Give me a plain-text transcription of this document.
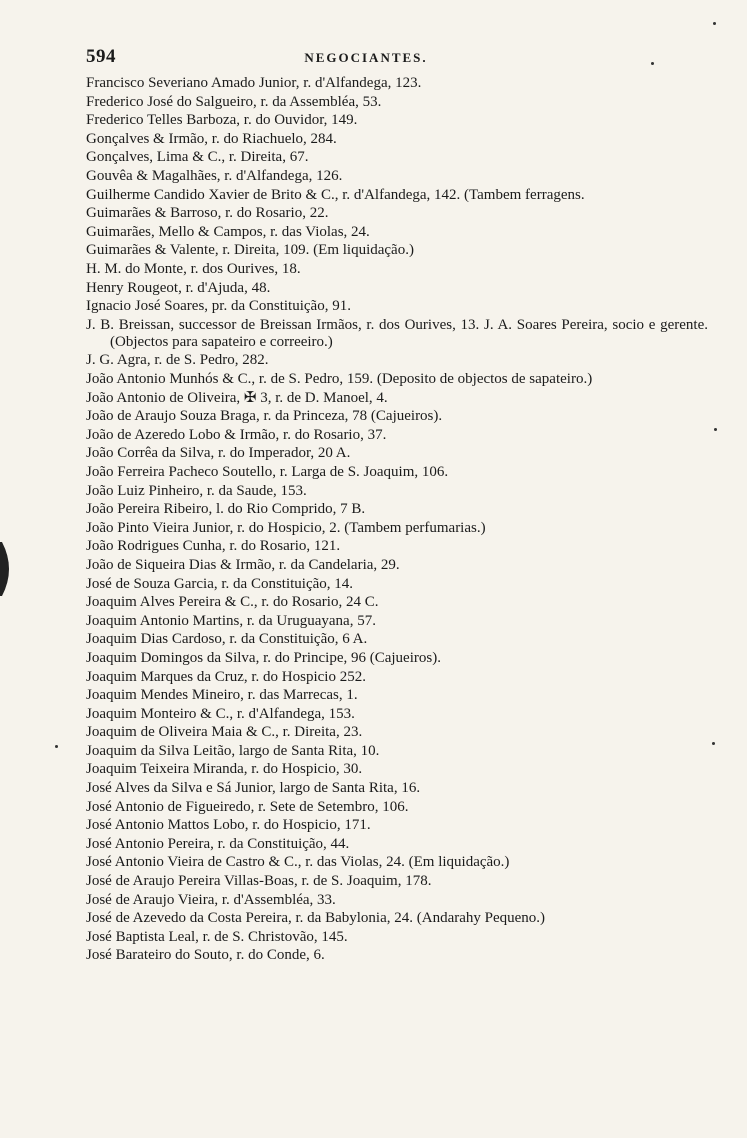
594	NEGOCIANTES.

Francisco Severiano Amado Junior, r. d'Alfandega, 123.

Frederico José do Salgueiro, r. da Assembléa, 53.

Frederico Telles Barboza, r. do Ouvidor, 149.

Gonçalves & Irmão, r. do Riachuelo, 284.

Gonçalves, Lima & C., r. Direita, 67.

Gouvêa & Magalhães, r. d'Alfandega, 126.

Guilherme Candido Xavier de Brito & C., r. d'Alfandega, 142. (Tambem ferragens.

Guimarães & Barroso, r. do Rosario, 22.

Guimarães, Mello & Campos, r. das Violas, 24.

Guimarães & Valente, r. Direita, 109. (Em liquidação.)

H. M. do Monte, r. dos Ourives, 18.

Henry Rougeot, r. d'Ajuda, 48.

Ignacio José Soares, pr. da Constituição, 91.

J. B. Breissan, successor de Breissan Irmãos, r. dos Ourives, 13. J. A. Soares Pereira, socio e gerente. (Objectos para sapateiro e correeiro.)

J. G. Agra, r. de S. Pedro, 282.

João Antonio Munhós & C., r. de S. Pedro, 159. (Deposito de objectos de sapateiro.)

João Antonio de Oliveira, ✠ 3, r. de D. Manoel, 4.

João de Araujo Souza Braga, r. da Princeza, 78 (Cajueiros).

João de Azeredo Lobo & Irmão, r. do Rosario, 37.

João Corrêa da Silva, r. do Imperador, 20 A.

João Ferreira Pacheco Soutello, r. Larga de S. Joaquim, 106.

João Luiz Pinheiro, r. da Saude, 153.

João Pereira Ribeiro, l. do Rio Comprido, 7 B.

João Pinto Vieira Junior, r. do Hospicio, 2. (Tambem perfumarias.)

João Rodrigues Cunha, r. do Rosario, 121.

João de Siqueira Dias & Irmão, r. da Candelaria, 29.

José de Souza Garcia, r. da Constituição, 14.

Joaquim Alves Pereira & C., r. do Rosario, 24 C.

Joaquim Antonio Martins, r. da Uruguayana, 57.

Joaquim Dias Cardoso, r. da Constituição, 6 A.

Joaquim Domingos da Silva, r. do Principe, 96 (Cajueiros).

Joaquim Marques da Cruz, r. do Hospicio 252.

Joaquim Mendes Mineiro, r. das Marrecas, 1.

Joaquim Monteiro & C., r. d'Alfandega, 153.

Joaquim de Oliveira Maia & C., r. Direita, 23.

Joaquim da Silva Leitão, largo de Santa Rita, 10.

Joaquim Teixeira Miranda, r. do Hospicio, 30.

José Alves da Silva e Sá Junior, largo de Santa Rita, 16.

José Antonio de Figueiredo, r. Sete de Setembro, 106.

José Antonio Mattos Lobo, r. do Hospicio, 171.

José Antonio Pereira, r. da Constituição, 44.

José Antonio Vieira de Castro & C., r. das Violas, 24. (Em liquidação.)

José de Araujo Pereira Villas-Boas, r. de S. Joaquim, 178.

José de Araujo Vieira, r. d'Assembléa, 33.

José de Azevedo da Costa Pereira, r. da Babylonia, 24. (Andarahy Pequeno.)

José Baptista Leal, r. de S. Christovão, 145.

José Barateiro do Souto, r. do Conde, 6.
